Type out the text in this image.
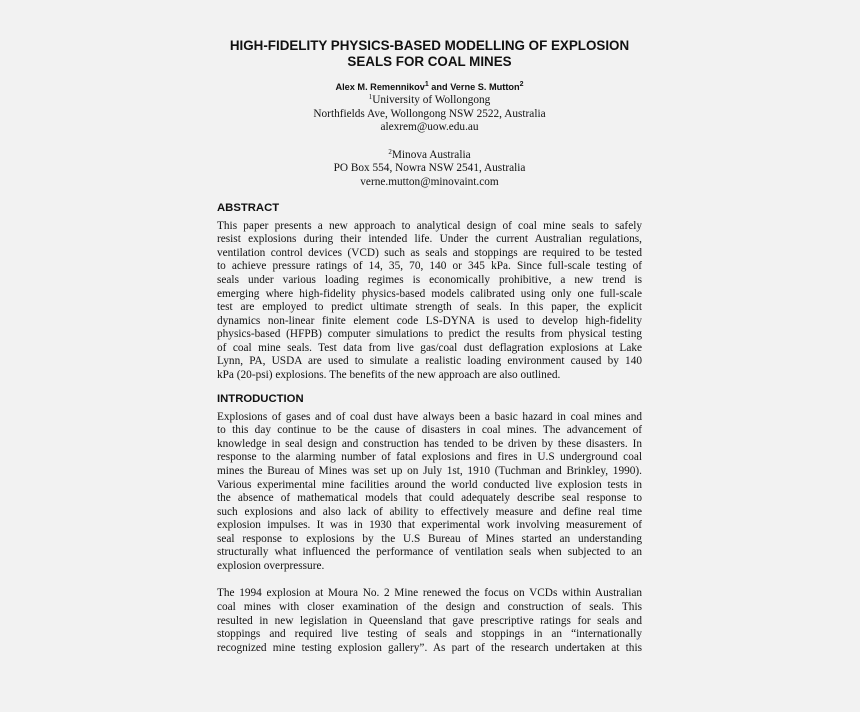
HIGH-FIDELITY PHYSICS-BASED MODELLING OF EXPLOSION
SEALS FOR COAL MINES
Alex M. Remennikov$^1$ and Verne S. Mutton$^2$
$^1$University of Wollongong
Northfields Ave, Wollongong NSW 2522, Australia
alexrem@uow.edu.au
$^2$Minova Australia
PO Box 554, Nowra NSW 2541, Australia
verne.mutton@minovaint.com
ABSTRACT
This paper presents a new approach to analytical design of coal mine seals to safely
resist explosions during their intended life. Under the current Australian regulations,
ventilation control devices (VCD) such as seals and stoppings are required to be tested
to achieve pressure ratings of 14, 35, 70, 140 or 345 kPa. Since full-scale testing of
seals under various loading regimes is economically prohibitive, a new trend is
emerging where high-fidelity physics-based models calibrated using only one full-scale
test are employed to predict ultimate strength of seals. In this paper, the explicit
dynamics non-linear finite element code LS-DYNA is used to develop high-fidelity
physics-based (HFPB) computer simulations to predict the results from physical testing
of coal mine seals. Test data from live gas/coal dust deflagration explosions at Lake
Lynn, PA, USDA are used to simulate a realistic loading environment caused by 140
kPa (20-psi) explosions. The benefits of the new approach are also outlined.
INTRODUCTION
Explosions of gases and of coal dust have always been a basic hazard in coal mines and
to this day continue to be the cause of disasters in coal mines. The advancement of
knowledge in seal design and construction has tended to be driven by these disasters. In
response to the alarming number of fatal explosions and fires in U.S underground coal
mines the Bureau of Mines was set up on July 1st, 1910 (Tuchman and Brinkley, 1990).
Various experimental mine facilities around the world conducted live explosion tests in
the absence of mathematical models that could adequately describe seal response to
such explosions and also lack of ability to effectively measure and define real time
explosion impulses. It was in 1930 that experimental work involving measurement of
seal response to explosions by the U.S Bureau of Mines started an understanding
structurally what influenced the performance of ventilation seals when subjected to an
explosion overpressure.
The 1994 explosion at Moura No. 2 Mine renewed the focus on VCDs within Australian
coal mines with closer examination of the design and construction of seals. This
resulted in new legislation in Queensland that gave prescriptive ratings for seals and
stoppings and required live testing of seals and stoppings in an “internationally
recognized mine testing explosion gallery”. As part of the research undertaken at this
